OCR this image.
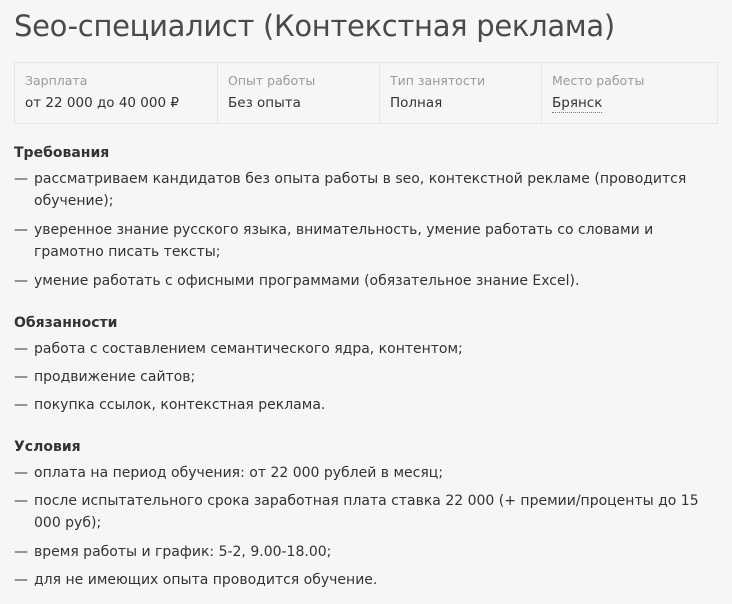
Seo-специалист (Контекстная реклама)
Зарплата
от 22 000 до 40 000 ₽
Опыт работы
Без опыта
Тип занятости
Полная
Место работы
Брянск
Требования
— рассматриваем кандидатов без опыта работы в seo, контекстной рекламе (проводится обучение);
— уверенное знание русского языка, внимательность, умение работать со словами и грамотно писать тексты;
— умение работать с офисными программами (обязательное знание Excel).
Обязанности
— работа с составлением семантического ядра, контентом;
— продвижение сайтов;
— покупка ссылок, контекстная реклама.
Условия
— оплата на период обучения: от 22 000 рублей в месяц;
— после испытательного срока заработная плата ставка 22 000 (+ премии/проценты до 15 000 руб);
— время работы и график: 5-2, 9.00-18.00;
— для не имеющих опыта проводится обучение.
